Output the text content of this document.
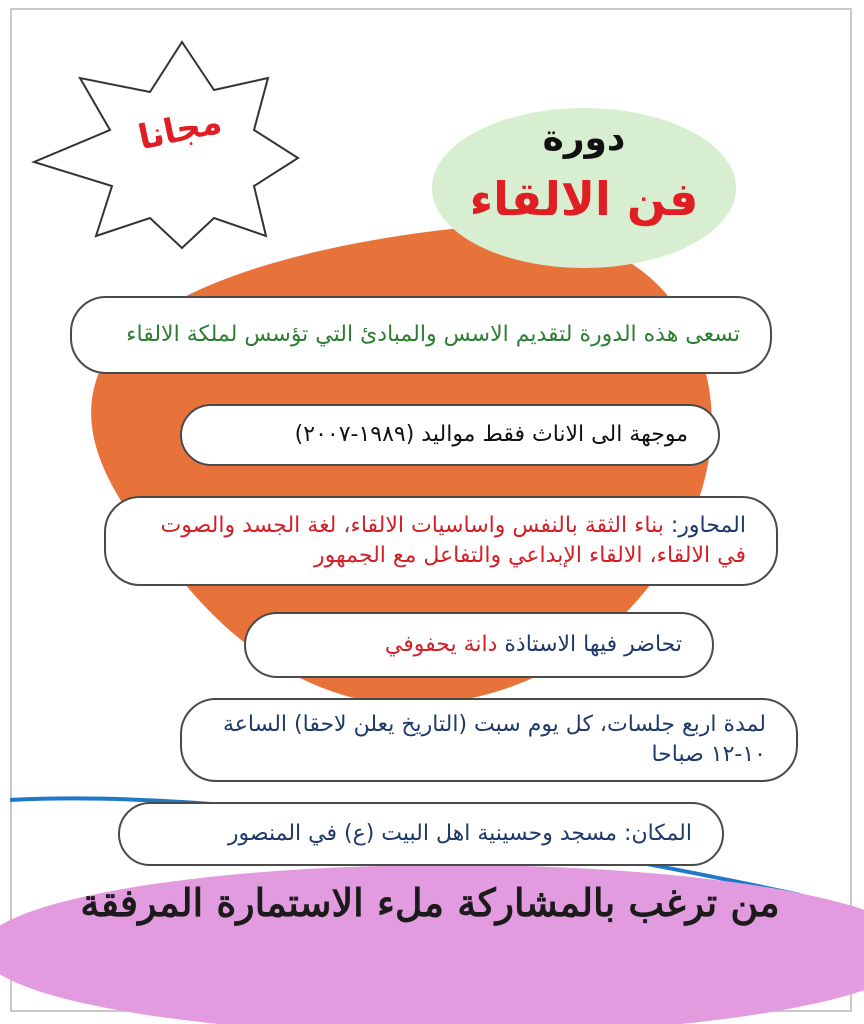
مجانا	دورة
فن الالقاء
تسعى هذه الدورة لتقديم الاسس والمبادئ التي تؤسس لملكة الالقاء
موجهة الى الاناث فقط مواليد (١٩٨٩-٢٠٠٧)
المحاور: بناء الثقة بالنفس واساسيات الالقاء، لغة الجسد والصوت في الالقاء، الالقاء الإبداعي والتفاعل مع الجمهور
تحاضر فيها الاستاذة دانة يحفوفي
لمدة اربع جلسات، كل يوم سبت (التاريخ يعلن لاحقا) الساعة ١٠-١٢ صباحا
المكان: مسجد وحسينية اهل البيت (ع) في المنصور
من ترغب بالمشاركة ملء الاستمارة المرفقة
